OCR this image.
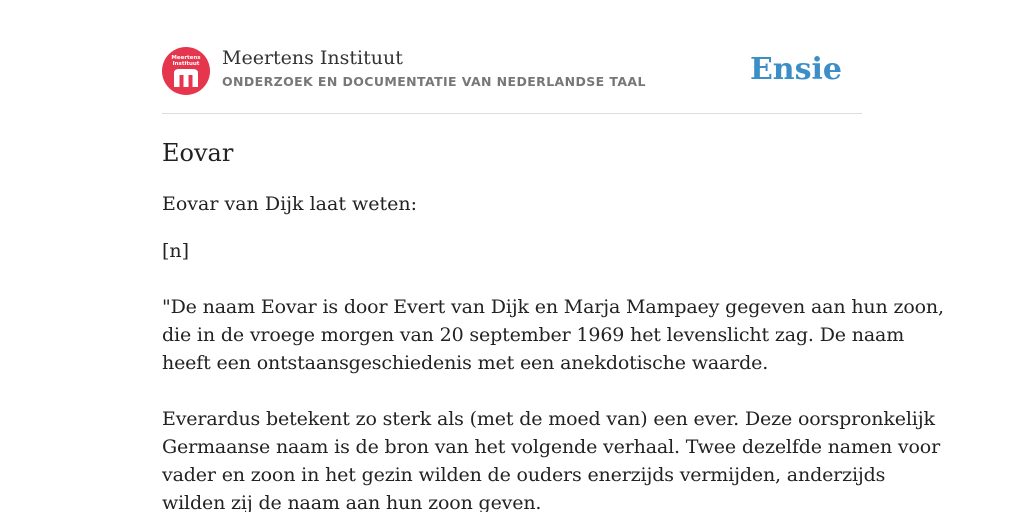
Meertens
Instituut	Meertens Instituut
ONDERZOEK EN DOCUMENTATIE VAN NEDERLANDSE TAAL	Ensie
Eovar

Eovar van Dijk laat weten:

[n]

"De naam Eovar is door Evert van Dijk en Marja Mampaey gegeven aan hun zoon,
die in de vroege morgen van 20 september 1969 het levenslicht zag. De naam
heeft een ontstaansgeschiedenis met een anekdotische waarde.

Everardus betekent zo sterk als (met de moed van) een ever. Deze oorspronkelijk
Germaanse naam is de bron van het volgende verhaal. Twee dezelfde namen voor
vader en zoon in het gezin wilden de ouders enerzijds vermijden, anderzijds
wilden zij de naam aan hun zoon geven.
